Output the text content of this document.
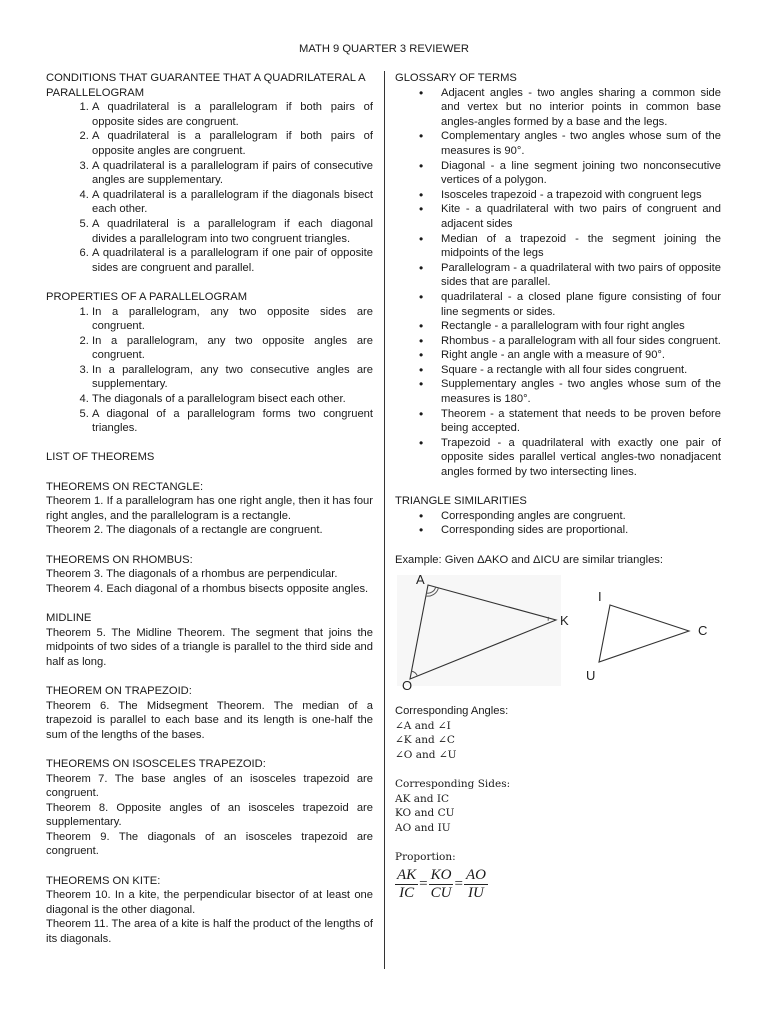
MATH 9 QUARTER 3 REVIEWER
CONDITIONS THAT GUARANTEE THAT A QUADRILATERAL A PARALLELOGRAM
1. A quadrilateral is a parallelogram if both pairs of opposite sides are congruent.
2. A quadrilateral is a parallelogram if both pairs of opposite angles are congruent.
3. A quadrilateral is a parallelogram if pairs of consecutive angles are supplementary.
4. A quadrilateral is a parallelogram if the diagonals bisect each other.
5. A quadrilateral is a parallelogram if each diagonal divides a parallelogram into two congruent triangles.
6. A quadrilateral is a parallelogram if one pair of opposite sides are congruent and parallel.
PROPERTIES OF A PARALLELOGRAM
1. In a parallelogram, any two opposite sides are congruent.
2. In a parallelogram, any two opposite angles are congruent.
3. In a parallelogram, any two consecutive angles are supplementary.
4. The diagonals of a parallelogram bisect each other.
5. A diagonal of a parallelogram forms two congruent triangles.
LIST OF THEOREMS
THEOREMS ON RECTANGLE:

Theorem 1. If a parallelogram has one right angle, then it has four right angles, and the parallelogram is a rectangle.

Theorem 2. The diagonals of a rectangle are congruent.

THEOREMS ON RHOMBUS:

Theorem 3. The diagonals of a rhombus are perpendicular.

Theorem 4. Each diagonal of a rhombus bisects opposite angles.

MIDLINE

Theorem 5. The Midline Theorem. The segment that joins the midpoints of two sides of a triangle is parallel to the third side and half as long.

THEOREM ON TRAPEZOID:

Theorem 6. The Midsegment Theorem. The median of a trapezoid is parallel to each base and its length is one-half the sum of the lengths of the bases.

THEOREMS ON ISOSCELES TRAPEZOID:

Theorem 7. The base angles of an isosceles trapezoid are congruent.

Theorem 8. Opposite angles of an isosceles trapezoid are supplementary.

Theorem 9. The diagonals of an isosceles trapezoid are congruent.

THEOREMS ON KITE:

Theorem 10. In a kite, the perpendicular bisector of at least one diagonal is the other diagonal.

Theorem 11. The area of a kite is half the product of the lengths of its diagonals.

GLOSSARY OF TERMS
• Adjacent angles - two angles sharing a common side and vertex but no interior points in common base angles-angles formed by a base and the legs.
• Complementary angles - two angles whose sum of the measures is 90°.
• Diagonal - a line segment joining two nonconsecutive vertices of a polygon.
• Isosceles trapezoid - a trapezoid with congruent legs
• Kite - a quadrilateral with two pairs of congruent and adjacent sides
• Median of a trapezoid - the segment joining the midpoints of the legs
• Parallelogram - a quadrilateral with two pairs of opposite sides that are parallel.
• quadrilateral - a closed plane figure consisting of four line segments or sides.
• Rectangle - a parallelogram with four right angles
• Rhombus - a parallelogram with all four sides congruent.
• Right angle - an angle with a measure of 90°.
• Square - a rectangle with all four sides congruent.
• Supplementary angles - two angles whose sum of the measures is 180°.
• Theorem - a statement that needs to be proven before being accepted.
• Trapezoid - a quadrilateral with exactly one pair of opposite sides parallel vertical angles-two nonadjacent angles formed by two intersecting lines.
TRIANGLE SIMILARITIES
• Corresponding angles are congruent.
• Corresponding sides are proportional.

Example: Given ΔAKO and ΔICU are similar triangles:

A
K
O
I
C
U
Corresponding Angles:
∠A and ∠I
∠K and ∠C
∠O and ∠U
Corresponding Sides:
AK and IC
KO and CU
AO and IU
Proportion:
$\frac{AK}{IC} = \frac{KO}{CU} = \frac{AO}{IU}$
